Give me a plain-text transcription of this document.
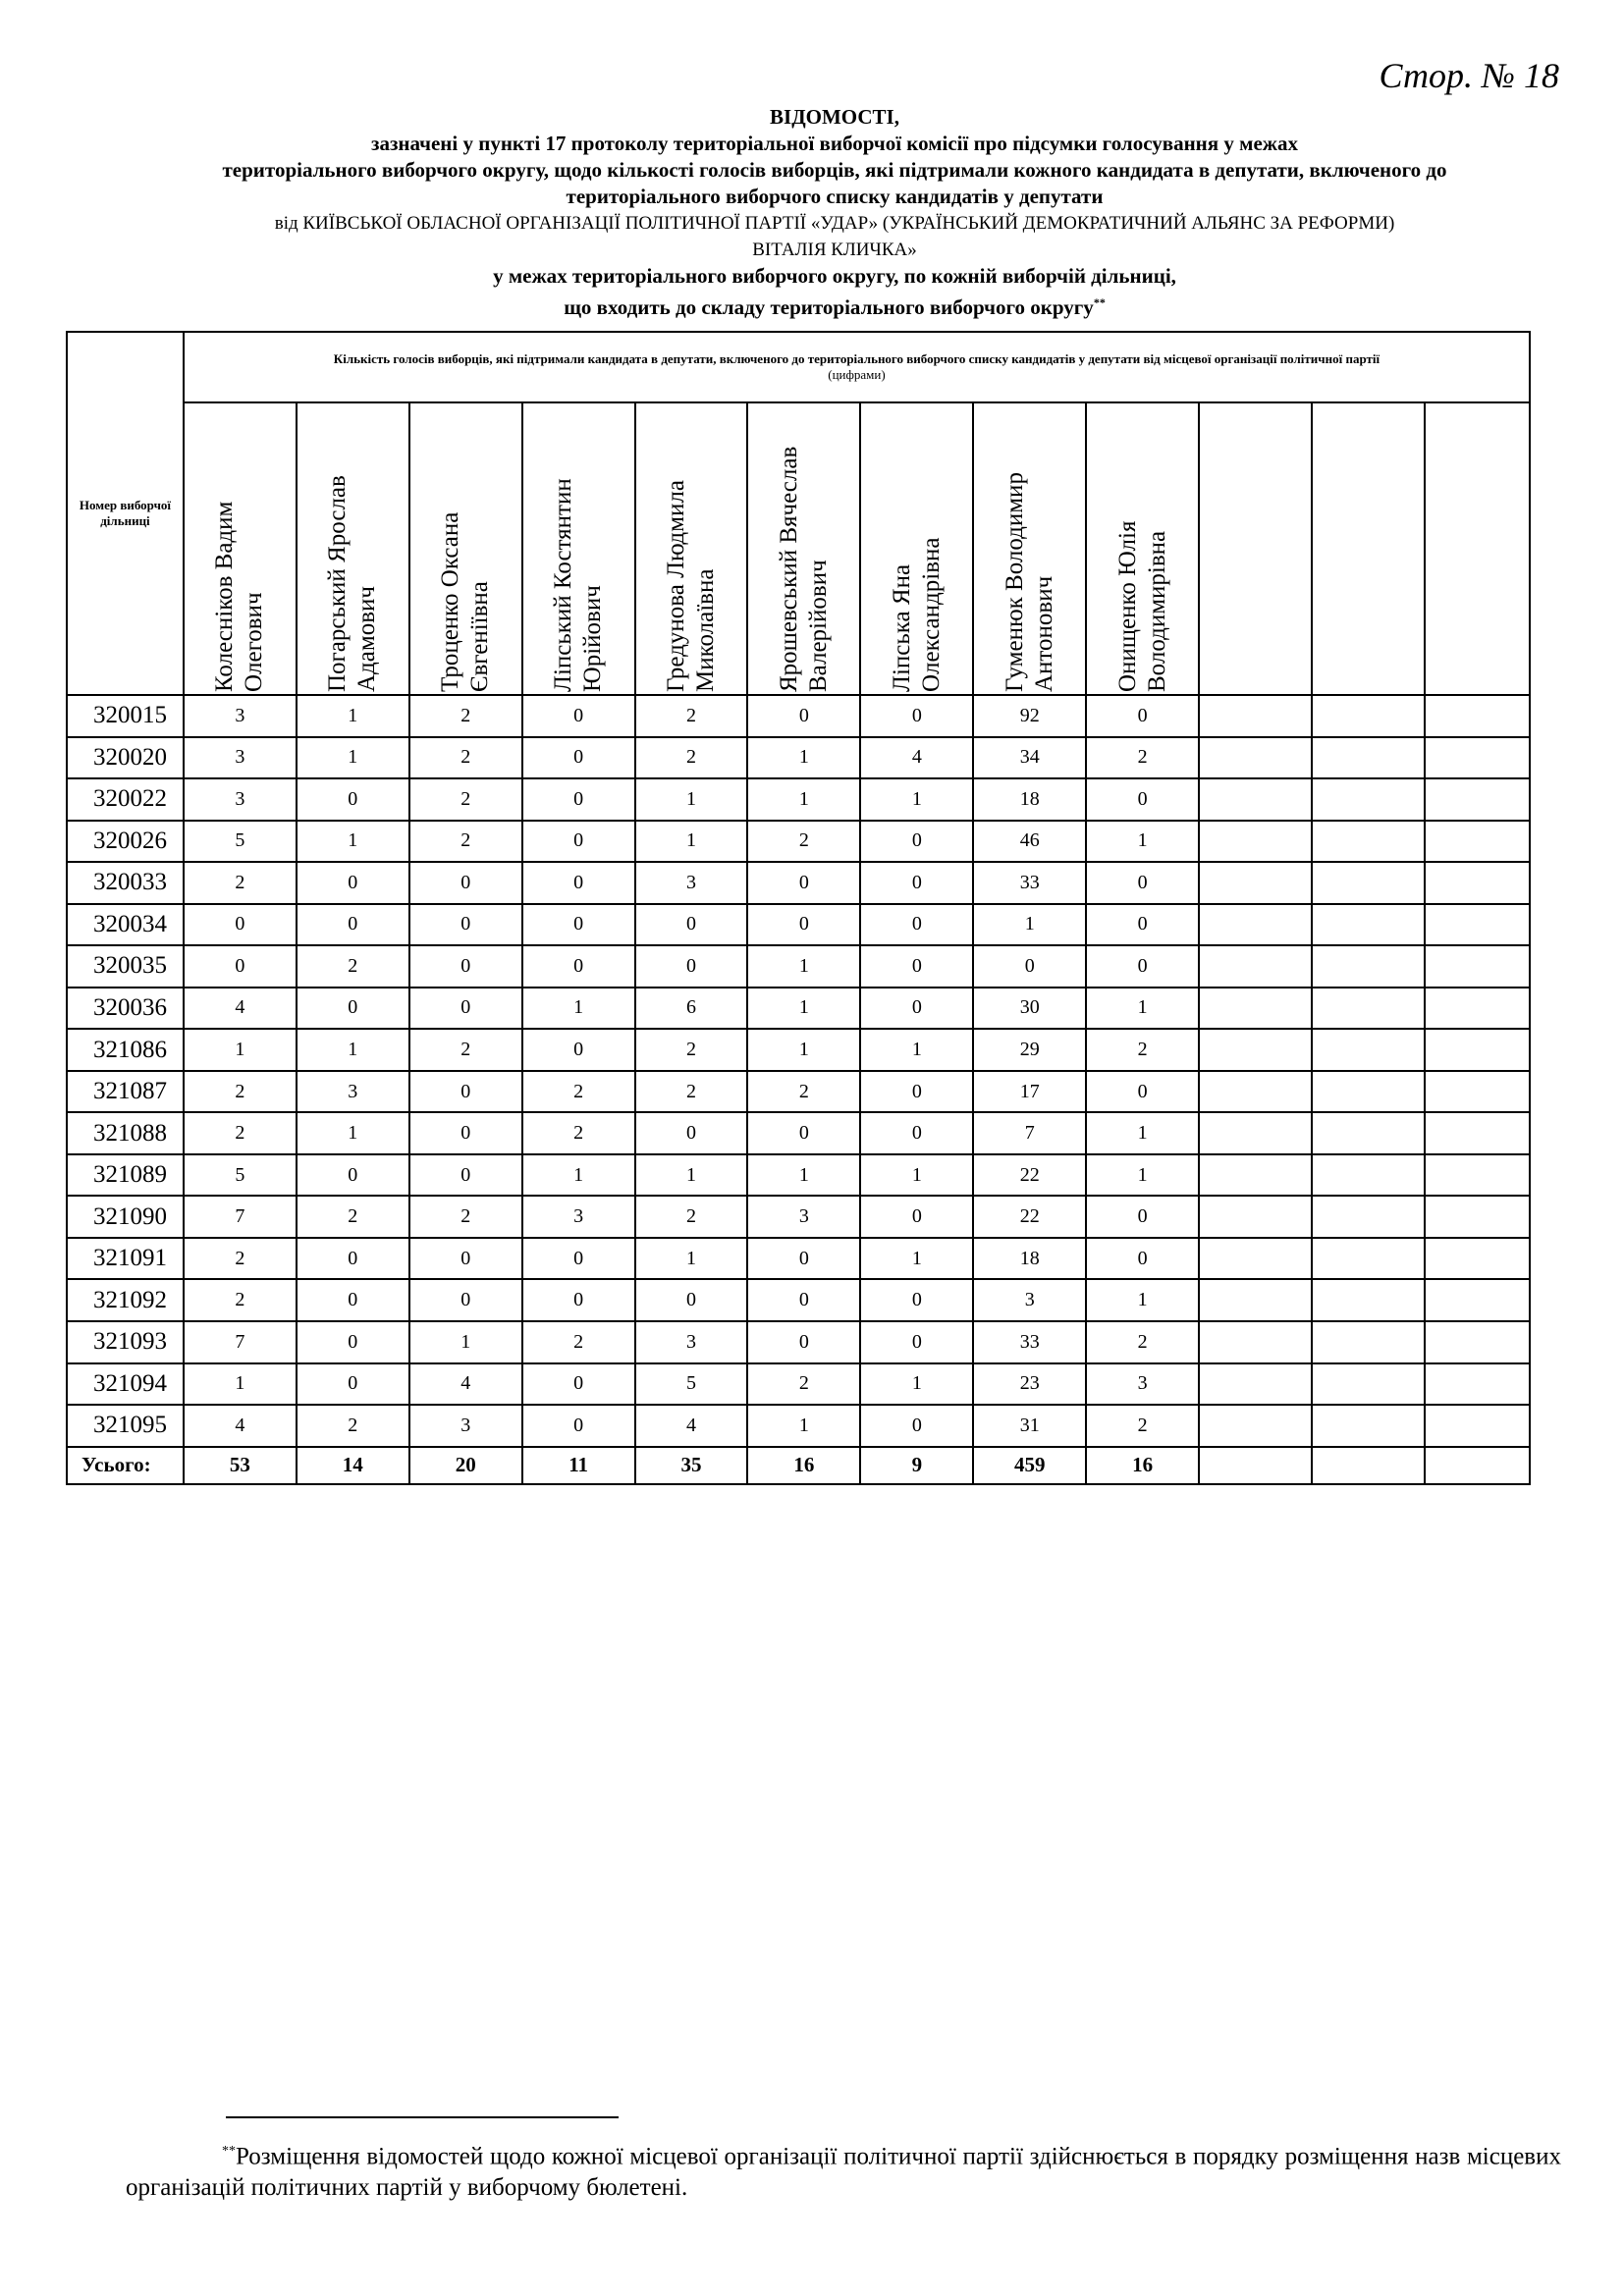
Стор. № 18
ВІДОМОСТІ,
зазначені у пункті 17 протоколу територіальної виборчої комісії про підсумки голосування у межах
територіального виборчого округу, щодо кількості голосів виборців, які підтримали кожного кандидата в депутати, включеного до
територіального виборчого списку кандидатів у депутати
від КИЇВСЬКОЇ ОБЛАСНОЇ ОРГАНІЗАЦІЇ ПОЛІТИЧНОЇ ПАРТІЇ «УДАР» (УКРАЇНСЬКИЙ ДЕМОКРАТИЧНИЙ АЛЬЯНС ЗА РЕФОРМИ)
ВІТАЛІЯ КЛИЧКА»
у межах територіального виборчого округу, по кожній виборчій дільниці,
що входить до складу територіального виборчого округу**
Номер виборчої дільниці	Кількість голосів виборців, які підтримали кандидата в депутати, включеного до територіального виборчого списку кандидатів у депутати від місцевої організації політичної партії
(цифрами)											

	Колесніков Вадим Олегович	Погарський Ярослав Адамович	Троценко Оксана Євгеніївна	Ліпський Костянтин Юрійович	Гредунова Людмила Миколаївна	Ярошевський Вячеслав Валерійович	Ліпська Яна Олександрівна	Гуменюк Володимир Антонович	Онищенко Юлія Володимирівна			

320015	3	1	2	0	2	0	0	92	0			
320020	3	1	2	0	2	1	4	34	2			
320022	3	0	2	0	1	1	1	18	0			
320026	5	1	2	0	1	2	0	46	1			
320033	2	0	0	0	3	0	0	33	0			
320034	0	0	0	0	0	0	0	1	0			
320035	0	2	0	0	0	1	0	0	0			
320036	4	0	0	1	6	1	0	30	1			
321086	1	1	2	0	2	1	1	29	2			
321087	2	3	0	2	2	2	0	17	0			
321088	2	1	0	2	0	0	0	7	1			
321089	5	0	0	1	1	1	1	22	1			
321090	7	2	2	3	2	3	0	22	0			
321091	2	0	0	0	1	0	1	18	0			
321092	2	0	0	0	0	0	0	3	1			
321093	7	0	1	2	3	0	0	33	2			
321094	1	0	4	0	5	2	1	23	3			
321095	4	2	3	0	4	1	0	31	2			
Усього:	53	14	20	11	35	16	9	459	16			
**Розміщення відомостей щодо кожної місцевої організації політичної партії здійснюється в порядку розміщення назв місцевих організацій політичних партій у виборчому бюлетені.
